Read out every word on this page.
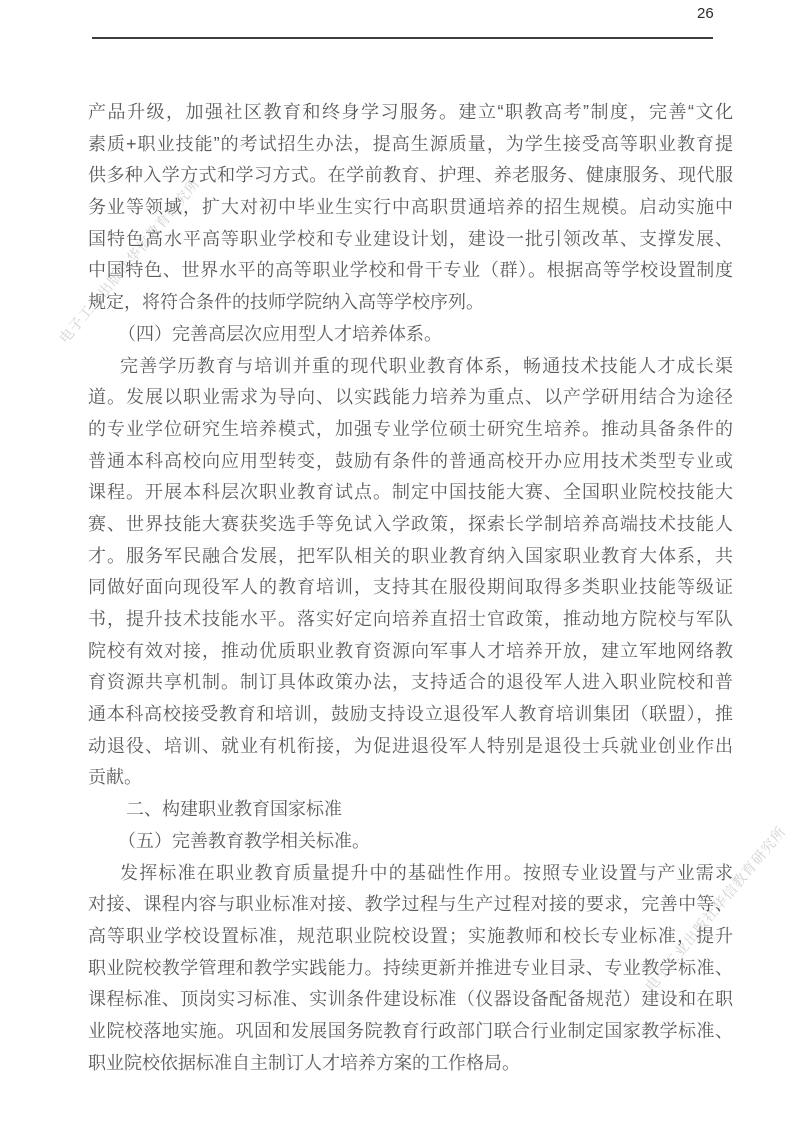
电子工业出版社华信教育研究所
电子工业出版社华信教育研究所
26
产品升级，加强社区教育和终身学习服务。建立“职教高考”制度，完善“文化
素质+职业技能”的考试招生办法，提高生源质量，为学生接受高等职业教育提
供多种入学方式和学习方式。在学前教育、护理、养老服务、健康服务、现代服
务业等领域，扩大对初中毕业生实行中高职贯通培养的招生规模。启动实施中
国特色高水平高等职业学校和专业建设计划，建设一批引领改革、支撑发展、
中国特色、世界水平的高等职业学校和骨干专业（群）。根据高等学校设置制度
规定，将符合条件的技师学院纳入高等学校序列。
（四）完善高层次应用型人才培养体系。
完善学历教育与培训并重的现代职业教育体系，畅通技术技能人才成长渠
道。发展以职业需求为导向、以实践能力培养为重点、以产学研用结合为途径
的专业学位研究生培养模式，加强专业学位硕士研究生培养。推动具备条件的
普通本科高校向应用型转变，鼓励有条件的普通高校开办应用技术类型专业或
课程。开展本科层次职业教育试点。制定中国技能大赛、全国职业院校技能大
赛、世界技能大赛获奖选手等免试入学政策，探索长学制培养高端技术技能人
才。服务军民融合发展，把军队相关的职业教育纳入国家职业教育大体系，共
同做好面向现役军人的教育培训，支持其在服役期间取得多类职业技能等级证
书，提升技术技能水平。落实好定向培养直招士官政策，推动地方院校与军队
院校有效对接，推动优质职业教育资源向军事人才培养开放，建立军地网络教
育资源共享机制。制订具体政策办法，支持适合的退役军人进入职业院校和普
通本科高校接受教育和培训，鼓励支持设立退役军人教育培训集团（联盟），推
动退役、培训、就业有机衔接，为促进退役军人特别是退役士兵就业创业作出
贡献。
二、构建职业教育国家标准
（五）完善教育教学相关标准。
发挥标准在职业教育质量提升中的基础性作用。按照专业设置与产业需求
对接、课程内容与职业标准对接、教学过程与生产过程对接的要求，完善中等、
高等职业学校设置标准，规范职业院校设置；实施教师和校长专业标准，提升
职业院校教学管理和教学实践能力。持续更新并推进专业目录、专业教学标准、
课程标准、顶岗实习标准、实训条件建设标准（仪器设备配备规范）建设和在职
业院校落地实施。巩固和发展国务院教育行政部门联合行业制定国家教学标准、
职业院校依据标准自主制订人才培养方案的工作格局。
